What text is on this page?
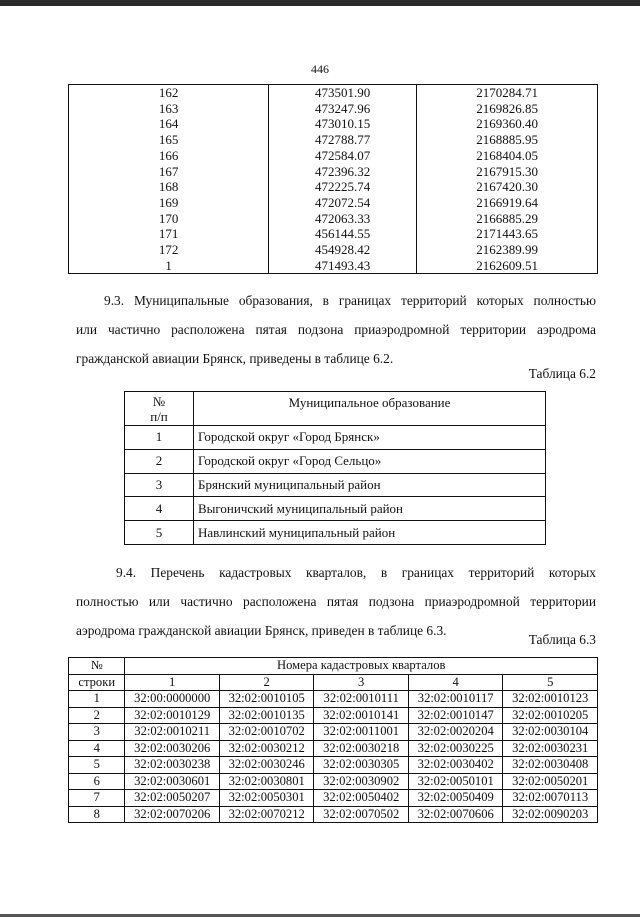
446
162	473501.90	2170284.71
163	473247.96	2169826.85
164	473010.15	2169360.40
165	472788.77	2168885.95
166	472584.07	2168404.05
167	472396.32	2167915.30
168	472225.74	2167420.30
169	472072.54	2166919.64
170	472063.33	2166885.29
171	456144.55	2171443.65
172	454928.42	2162389.99
1	471493.43	2162609.51
9.3. Муниципальные образования, в границах территорий которых полностью
или частично расположена пятая подзона приаэродромной территории аэродрома
гражданской авиации Брянск, приведены в таблице 6.2.
Таблица 6.2
№
п/п	Муниципальное образование
1	Городской округ «Город Брянск»
2	Городской округ «Город Сельцо»
3	Брянский муниципальный район
4	Выгоничский муниципальный район
5	Навлинский муниципальный район
9.4. Перечень кадастровых кварталов, в границах территорий которых
полностью или частично расположена пятая подзона приаэродромной территории
аэродрома гражданской авиации Брянск, приведен в таблице 6.3.
Таблица 6.3
№	Номера кадастровых кварталов				
строки	1	2	3	4	5
1	32:00:0000000	32:02:0010105	32:02:0010111	32:02:0010117	32:02:0010123
2	32:02:0010129	32:02:0010135	32:02:0010141	32:02:0010147	32:02:0010205
3	32:02:0010211	32:02:0010702	32:02:0011001	32:02:0020204	32:02:0030104
4	32:02:0030206	32:02:0030212	32:02:0030218	32:02:0030225	32:02:0030231
5	32:02:0030238	32:02:0030246	32:02:0030305	32:02:0030402	32:02:0030408
6	32:02:0030601	32:02:0030801	32:02:0030902	32:02:0050101	32:02:0050201
7	32:02:0050207	32:02:0050301	32:02:0050402	32:02:0050409	32:02:0070113
8	32:02:0070206	32:02:0070212	32:02:0070502	32:02:0070606	32:02:0090203
